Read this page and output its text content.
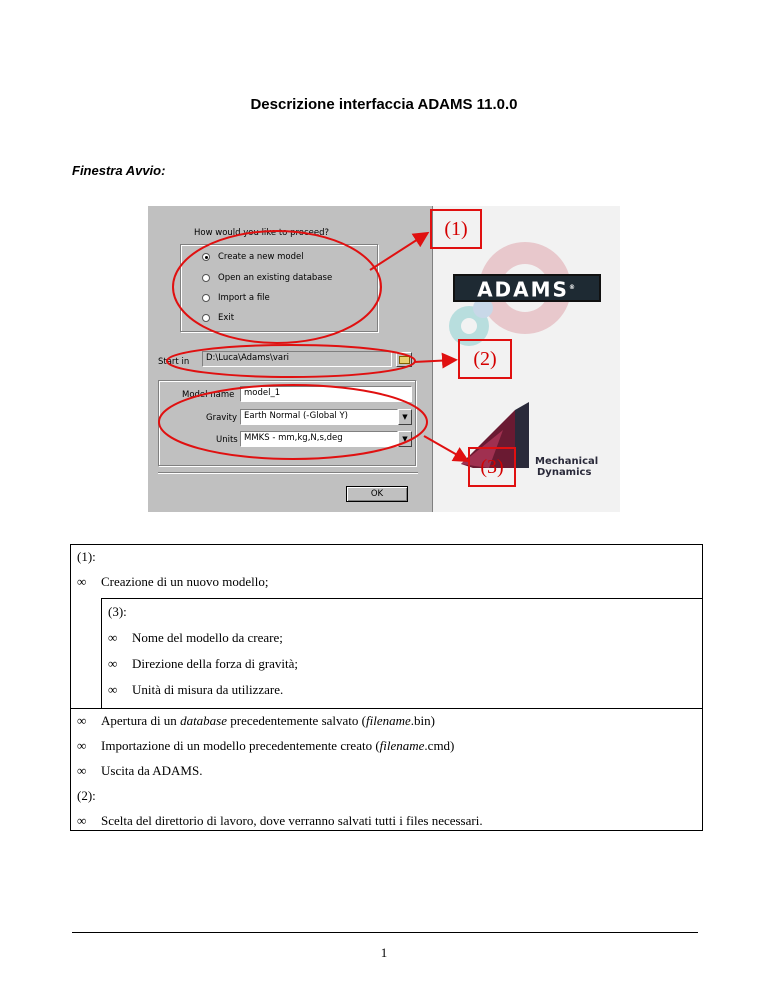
Descrizione interfaccia ADAMS 11.0.0
Finestra Avvio:
ADAMS®
Mechanical
Dynamics
How would you like to proceed?
Create a new model
Open an existing database
Import a file
Exit
Start in	D:\Luca\Adams\vari
Model name	model_1
Gravity Earth Normal (-Global Y)	▼
Units MMKS - mm,kg,N,s,deg	▼
OK
(1)
(2)
(3)
(1):
∞ Creazione di un nuovo modello;
(3):
∞ Nome del modello da creare;
∞ Direzione della forza di gravità;
∞ Unità di misura da utilizzare.
∞ Apertura di un database precedentemente salvato (filename.bin)
∞ Importazione di un modello precedentemente creato (filename.cmd)
∞ Uscita da ADAMS.
(2):
∞ Scelta del direttorio di lavoro, dove verranno salvati tutti i files necessari.
1
